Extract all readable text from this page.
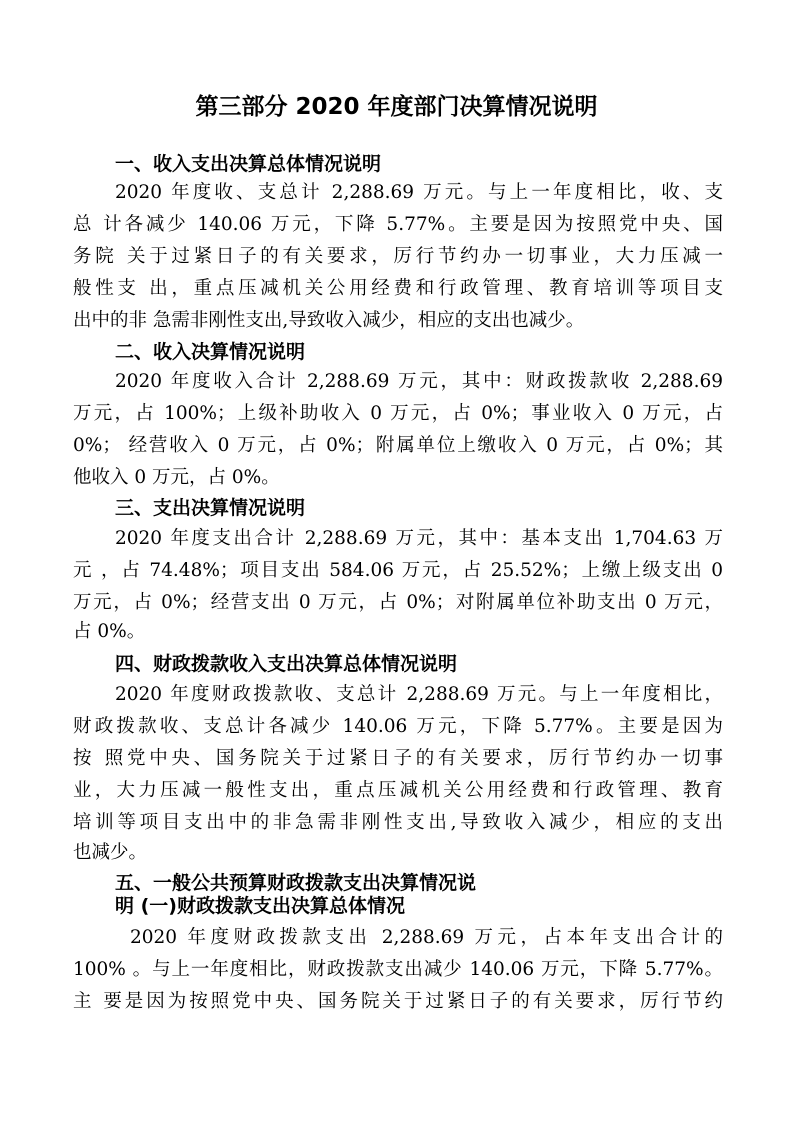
第三部分 2020 年度部门决算情况说明
一、收入支出决算总体情况说明
2020 年度收、支总计 2,288.69 万元。与上一年度相比，收、支
总 计各减少 140.06 万元，下降 5.77%。主要是因为按照党中央、国
务院 关于过紧日子的有关要求，厉行节约办一切事业，大力压减一
般性支 出，重点压减机关公用经费和行政管理、教育培训等项目支
出中的非 急需非刚性支出,导致收入减少，相应的支出也减少。
二、收入决算情况说明
2020 年度收入合计 2,288.69 万元，其中：财政拨款收 2,288.69
万元，占 100%；上级补助收入 0 万元，占 0%；事业收入 0 万元，占
0%； 经营收入 0 万元，占 0%；附属单位上缴收入 0 万元，占 0%；其
他收入 0 万元，占 0%。
三、支出决算情况说明
2020 年度支出合计 2,288.69 万元，其中：基本支出 1,704.63 万
元 ，占 74.48%；项目支出 584.06 万元，占 25.52%；上缴上级支出 0
万元，占 0%；经营支出 0 万元，占 0%；对附属单位补助支出 0 万元，
占 0%。
四、财政拨款收入支出决算总体情况说明
2020 年度财政拨款收、支总计 2,288.69 万元。与上一年度相比，
财政拨款收、支总计各减少 140.06 万元，下降 5.77%。主要是因为
按 照党中央、国务院关于过紧日子的有关要求，厉行节约办一切事
业，大力压减一般性支出，重点压减机关公用经费和行政管理、教育
培训等项目支出中的非急需非刚性支出,导致收入减少，相应的支出
也减少。
五、一般公共预算财政拨款支出决算情况说
明 (一)财政拨款支出决算总体情况
2020 年度财政拨款支出 2,288.69 万元，占本年支出合计的
100% 。与上一年度相比，财政拨款支出减少 140.06 万元，下降 5.77%。
主 要是因为按照党中央、国务院关于过紧日子的有关要求，厉行节约
